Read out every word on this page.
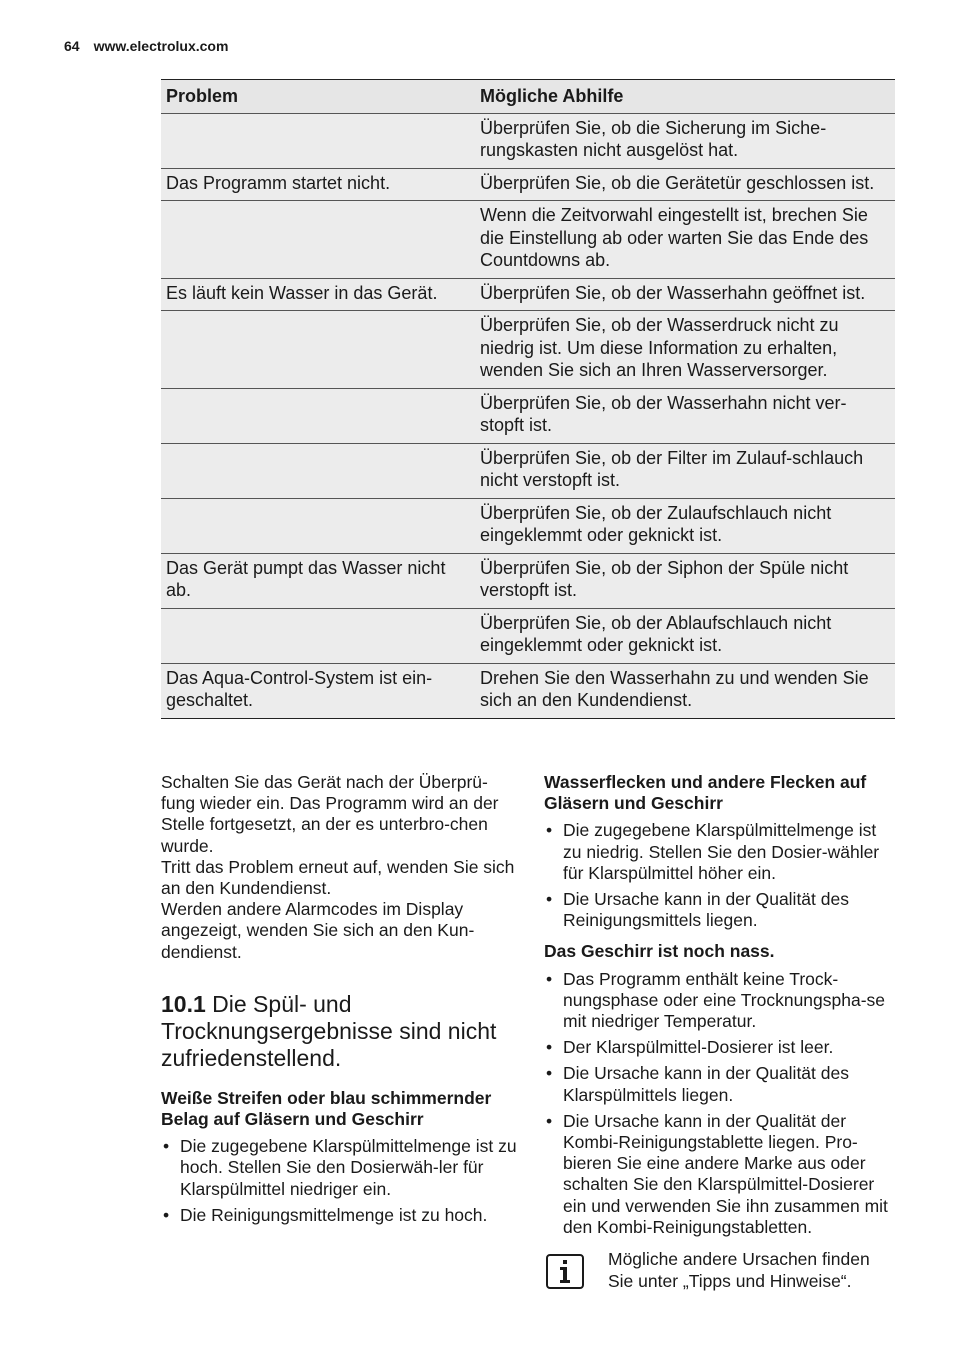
64 www.electrolux.com
Problem	Mögliche Abhilfe
	Überprüfen Sie, ob die Sicherung im Siche-rungskasten nicht ausgelöst hat.
Das Programm startet nicht.	Überprüfen Sie, ob die Gerätetür geschlossen ist.
	Wenn die Zeitvorwahl eingestellt ist, brechen Sie die Einstellung ab oder warten Sie das Ende des Countdowns ab.
Es läuft kein Wasser in das Gerät.	Überprüfen Sie, ob der Wasserhahn geöffnet ist.
	Überprüfen Sie, ob der Wasserdruck nicht zu niedrig ist. Um diese Information zu erhalten, wenden Sie sich an Ihren Wasserversorger.
	Überprüfen Sie, ob der Wasserhahn nicht ver-stopft ist.
	Überprüfen Sie, ob der Filter im Zulauf-schlauch nicht verstopft ist.
	Überprüfen Sie, ob der Zulaufschlauch nicht eingeklemmt oder geknickt ist.
Das Gerät pumpt das Wasser nicht ab.	Überprüfen Sie, ob der Siphon der Spüle nicht verstopft ist.
	Überprüfen Sie, ob der Ablaufschlauch nicht eingeklemmt oder geknickt ist.
Das Aqua-Control-System ist ein-geschaltet.	Drehen Sie den Wasserhahn zu und wenden Sie sich an den Kundendienst.

Schalten Sie das Gerät nach der Überprü-fung wieder ein. Das Programm wird an der Stelle fortgesetzt, an der es unterbro-chen wurde.

Tritt das Problem erneut auf, wenden Sie sich an den Kundendienst.

Werden andere Alarmcodes im Display angezeigt, wenden Sie sich an den Kun-dendienst.

10.1 Die Spül- und Trocknungsergebnisse sind nicht zufriedenstellend.

Weiße Streifen oder blau schimmernder Belag auf Gläsern und Geschirr

• Die zugegebene Klarspülmittelmenge ist zu hoch. Stellen Sie den Dosierwäh-ler für Klarspülmittel niedriger ein.
• Die Reinigungsmittelmenge ist zu hoch.

Wasserflecken und andere Flecken auf Gläsern und Geschirr

• Die zugegebene Klarspülmittelmenge ist zu niedrig. Stellen Sie den Dosier-wähler für Klarspülmittel höher ein.
• Die Ursache kann in der Qualität des Reinigungsmittels liegen.

Das Geschirr ist noch nass.

• Das Programm enthält keine Trock-nungsphase oder eine Trocknungspha-se mit niedriger Temperatur.
• Der Klarspülmittel-Dosierer ist leer.
• Die Ursache kann in der Qualität des Klarspülmittels liegen.
• Die Ursache kann in der Qualität der Kombi-Reinigungstablette liegen. Pro-bieren Sie eine andere Marke aus oder schalten Sie den Klarspülmittel-Dosierer ein und verwenden Sie ihn zusammen mit den Kombi-Reinigungstabletten.
Mögliche andere Ursachen finden Sie unter „Tipps und Hinweise“.
